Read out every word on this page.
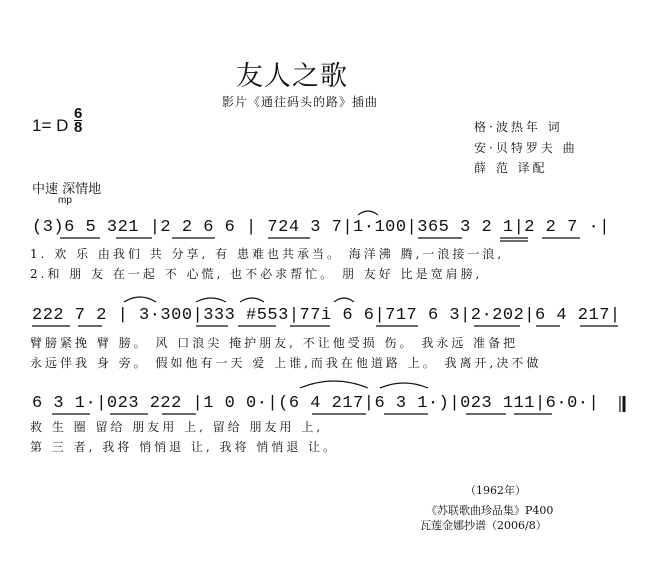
友人之歌
影片《通往码头的路》插曲
1= D $\frac{6}{8}$	格·波热年 词
安·贝特罗夫 曲
薛 范 译配
中速 深情地
mp
(3)6 5 321 |2 2 6 6 | 724 3 7|1·100|365 3 2 1|2 2 7 ·|
1. 欢 乐 由我们 共 分享, 有 患难也共承当。 海洋沸 腾,一浪接一浪,
2.和 朋 友 在一起 不 心慌, 也不必求帮忙。 朋 友好 比是宽肩膀,
222 7 2 | 3·300|333 #553|77i 6 6|717 6 3|2·202|6 4 217|
臂膀紧挽 臂 膀。 风 口浪尖 掩护朋友, 不让他受损 伤。 我永远 准备把
永远伴我 身 旁。 假如他有一天 爱 上谁,而我在他道路 上。 我离开,决不做
6 3 1·|023 222 |1 0 0·|(6 4 217|6 3 1·)|023 111|6·0·|
救 生 圈 留给 朋友用 上, 留给 朋友用 上,
第 三 者, 我将 悄悄退 让, 我将 悄悄退 让。
（1962年）
《苏联歌曲珍品集》P400
瓦莲金娜抄谱（2006/8）
